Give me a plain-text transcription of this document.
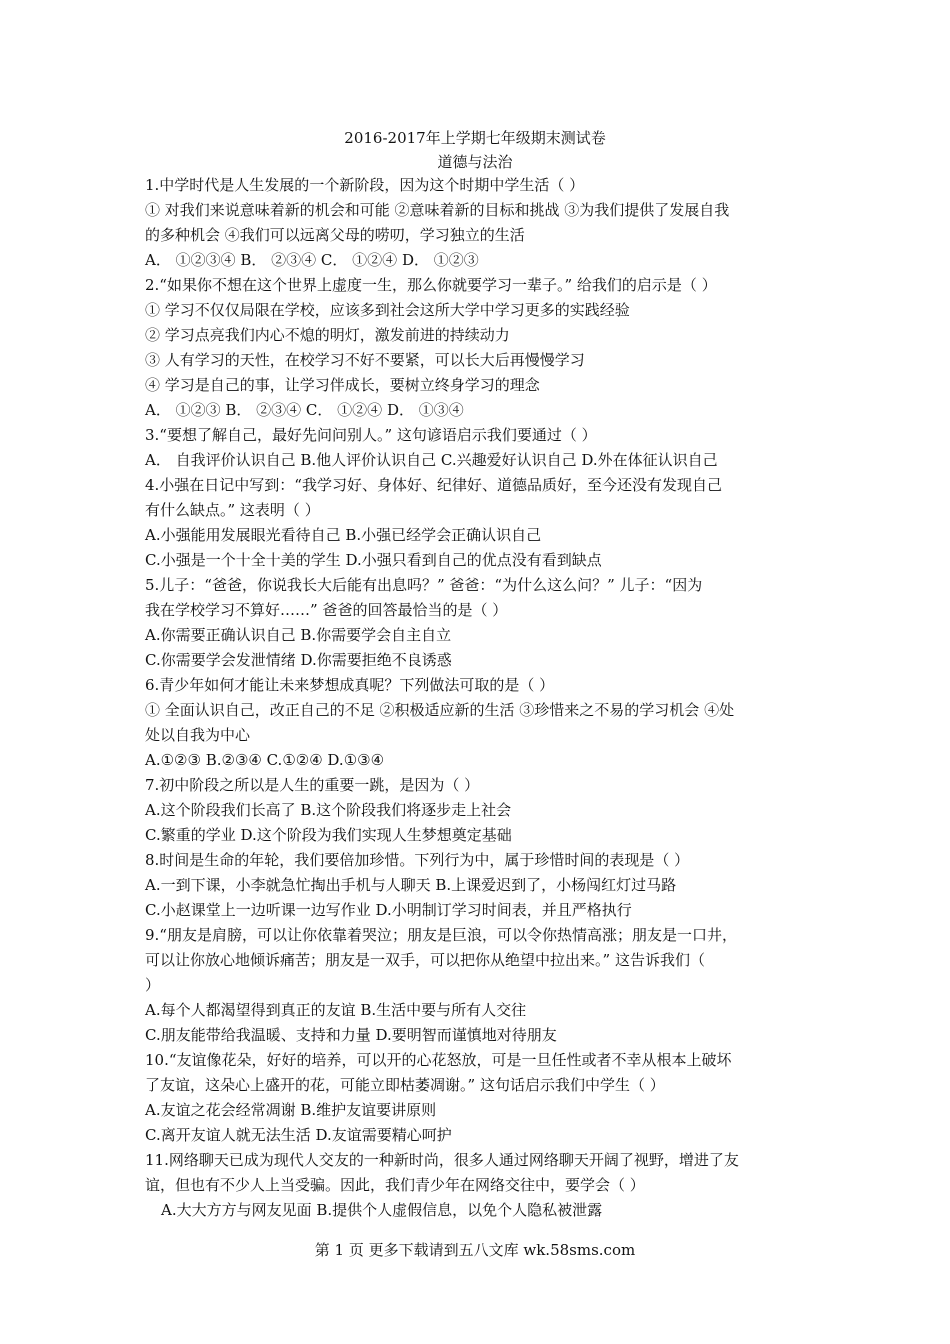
2016-2017年上学期七年级期末测试卷
道德与法治
1.中学时代是人生发展的一个新阶段，因为这个时期中学生活（ ）
① 对我们来说意味着新的机会和可能 ②意味着新的目标和挑战 ③为我们提供了发展自我
的多种机会 ④我们可以远离父母的唠叨，学习独立的生活
A． ①②③④ B． ②③④ C． ①②④ D． ①②③
2.“如果你不想在这个世界上虚度一生，那么你就要学习一辈子。” 给我们的启示是（ ）
① 学习不仅仅局限在学校，应该多到社会这所大学中学习更多的实践经验
② 学习点亮我们内心不熄的明灯，激发前进的持续动力
③ 人有学习的天性，在校学习不好不要紧，可以长大后再慢慢学习
④ 学习是自己的事，让学习伴成长，要树立终身学习的理念
A． ①②③ B． ②③④ C． ①②④ D． ①③④
3.“要想了解自己，最好先问问别人。” 这句谚语启示我们要通过（ ）
A． 自我评价认识自己 B.他人评价认识自己 C.兴趣爱好认识自己 D.外在体征认识自己
4.小强在日记中写到：“我学习好、身体好、纪律好、道德品质好，至今还没有发现自己
有什么缺点。” 这表明（ ）
A.小强能用发展眼光看待自己 B.小强已经学会正确认识自己
C.小强是一个十全十美的学生 D.小强只看到自己的优点没有看到缺点
5.儿子：“爸爸，你说我长大后能有出息吗？” 爸爸：“为什么这么问？” 儿子：“因为
我在学校学习不算好……” 爸爸的回答最恰当的是（ ）
A.你需要正确认识自己 B.你需要学会自主自立
C.你需要学会发泄情绪 D.你需要拒绝不良诱惑
6.青少年如何才能让未来梦想成真呢？下列做法可取的是（ ）
① 全面认识自己，改正自己的不足 ②积极适应新的生活 ③珍惜来之不易的学习机会 ④处
处以自我为中心
A.①②③ B.②③④ C.①②④ D.①③④
7.初中阶段之所以是人生的重要一跳，是因为（ ）
A.这个阶段我们长高了 B.这个阶段我们将逐步走上社会
C.繁重的学业 D.这个阶段为我们实现人生梦想奠定基础
8.时间是生命的年轮，我们要倍加珍惜。下列行为中，属于珍惜时间的表现是（ ）
A.一到下课，小李就急忙掏出手机与人聊天 B.上课爱迟到了，小杨闯红灯过马路
C.小赵课堂上一边听课一边写作业 D.小明制订学习时间表，并且严格执行
9.“朋友是肩膀，可以让你依靠着哭泣；朋友是巨浪，可以令你热情高涨；朋友是一口井，
可以让你放心地倾诉痛苦；朋友是一双手，可以把你从绝望中拉出来。” 这告诉我们（
）
A.每个人都渴望得到真正的友谊 B.生活中要与所有人交往
C.朋友能带给我温暖、支持和力量 D.要明智而谨慎地对待朋友
10.“友谊像花朵，好好的培养，可以开的心花怒放，可是一旦任性或者不幸从根本上破坏
了友谊，这朵心上盛开的花，可能立即枯萎凋谢。” 这句话启示我们中学生（ ）
A.友谊之花会经常凋谢 B.维护友谊要讲原则
C.离开友谊人就无法生活 D.友谊需要精心呵护
11.网络聊天已成为现代人交友的一种新时尚，很多人通过网络聊天开阔了视野，增进了友
谊，但也有不少人上当受骗。因此，我们青少年在网络交往中，要学会（ ）
A.大大方方与网友见面 B.提供个人虚假信息，以免个人隐私被泄露
第 1 页 更多下载请到五八文库 wk.58sms.com
